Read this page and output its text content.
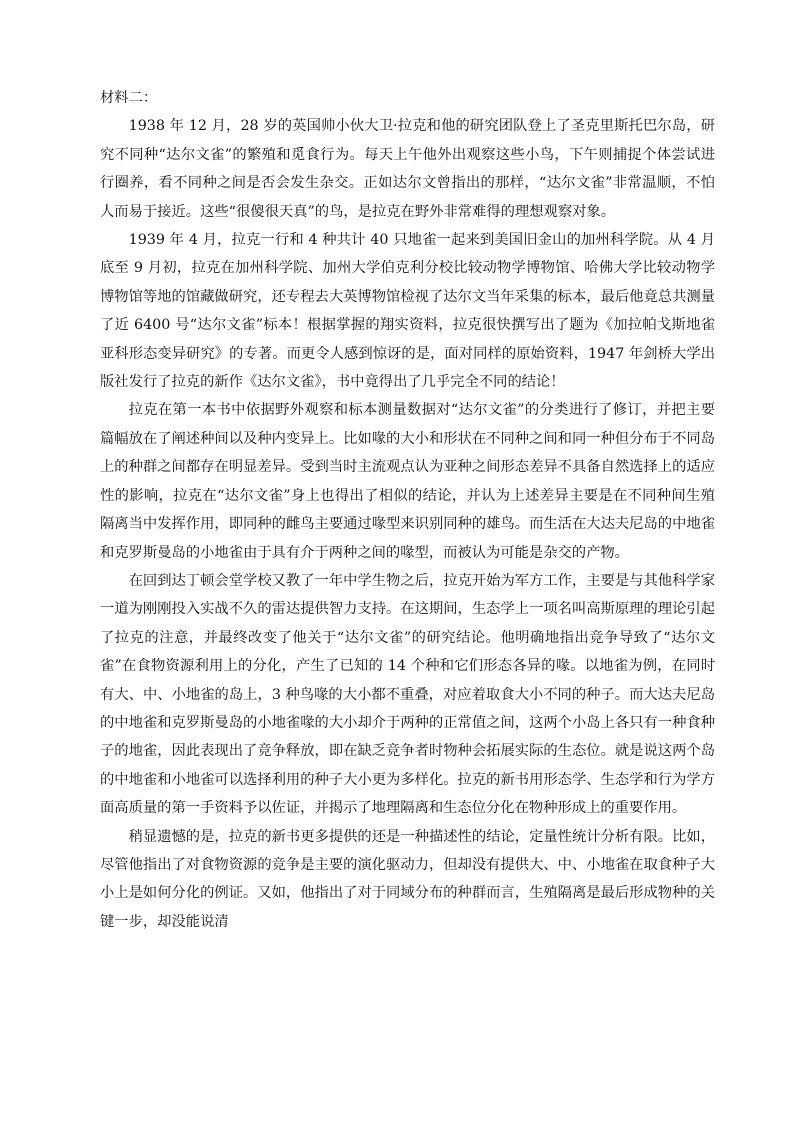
材料二：

1938 年 12 月，28 岁的英国帅小伙大卫·拉克和他的研究团队登上了圣克里斯托巴尔岛，研究不同种“达尔文雀”的繁殖和觅食行为。每天上午他外出观察这些小鸟，下午则捕捉个体尝试进行圈养，看不同种之间是否会发生杂交。正如达尔文曾指出的那样，“达尔文雀”非常温顺，不怕人而易于接近。这些“很傻很天真”的鸟，是拉克在野外非常难得的理想观察对象。

1939 年 4 月，拉克一行和 4 种共计 40 只地雀一起来到美国旧金山的加州科学院。从 4 月底至 9 月初，拉克在加州科学院、加州大学伯克利分校比较动物学博物馆、哈佛大学比较动物学博物馆等地的馆藏做研究，还专程去大英博物馆检视了达尔文当年采集的标本，最后他竟总共测量了近 6400 号“达尔文雀”标本！根据掌握的翔实资料，拉克很快撰写出了题为《加拉帕戈斯地雀亚科形态变异研究》的专著。而更令人感到惊讶的是，面对同样的原始资料，1947 年剑桥大学出版社发行了拉克的新作《达尔文雀》，书中竟得出了几乎完全不同的结论！

拉克在第一本书中依据野外观察和标本测量数据对“达尔文雀”的分类进行了修订，并把主要篇幅放在了阐述种间以及种内变异上。比如喙的大小和形状在不同种之间和同一种但分布于不同岛上的种群之间都存在明显差异。受到当时主流观点认为亚种之间形态差异不具备自然选择上的适应性的影响，拉克在“达尔文雀”身上也得出了相似的结论，并认为上述差异主要是在不同种间生殖隔离当中发挥作用，即同种的雌鸟主要通过喙型来识别同种的雄鸟。而生活在大达夫尼岛的中地雀和克罗斯曼岛的小地雀由于具有介于两种之间的喙型，而被认为可能是杂交的产物。

在回到达丁顿会堂学校又教了一年中学生物之后，拉克开始为军方工作，主要是与其他科学家一道为刚刚投入实战不久的雷达提供智力支持。在这期间，生态学上一项名叫高斯原理的理论引起了拉克的注意，并最终改变了他关于“达尔文雀”的研究结论。他明确地指出竞争导致了“达尔文雀”在食物资源利用上的分化，产生了已知的 14 个种和它们形态各异的喙。以地雀为例，在同时有大、中、小地雀的岛上，3 种鸟喙的大小都不重叠，对应着取食大小不同的种子。而大达夫尼岛的中地雀和克罗斯曼岛的小地雀喙的大小却介于两种的正常值之间，这两个小岛上各只有一种食种子的地雀，因此表现出了竞争释放，即在缺乏竞争者时物种会拓展实际的生态位。就是说这两个岛的中地雀和小地雀可以选择利用的种子大小更为多样化。拉克的新书用形态学、生态学和行为学方面高质量的第一手资料予以佐证，并揭示了地理隔离和生态位分化在物种形成上的重要作用。

稍显遗憾的是，拉克的新书更多提供的还是一种描述性的结论，定量性统计分析有限。比如，尽管他指出了对食物资源的竞争是主要的演化驱动力，但却没有提供大、中、小地雀在取食种子大小上是如何分化的例证。又如，他指出了对于同域分布的种群而言，生殖隔离是最后形成物种的关键一步，却没能说清
